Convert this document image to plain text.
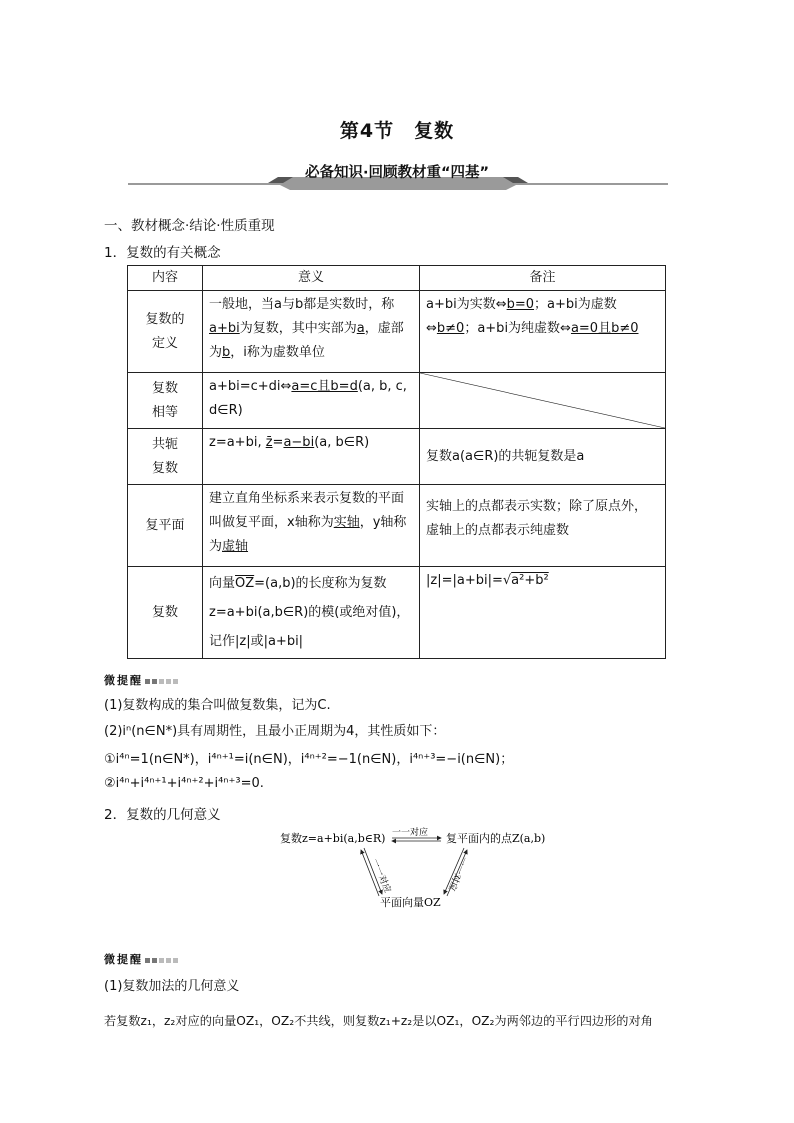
第4节　复数
必备知识·回顾教材重“四基”
一、教材概念·结论·性质重现
1．复数的有关概念
内容	意义	备注
复数的
定义	一般地，当a与b都是实数时，称a+bi为复数，其中实部为a，虚部为b，i称为虚数单位	a+bi为实数⇔b=0；a+bi为虚数⇔b≠0；a+bi为纯虚数⇔a=0且b≠0
复数
相等	a+bi=c+di⇔a=c且b=d(a, b, c, d∈R)	

共轭
复数	z=a+bi, z̄=a−bi(a, b∈R)	复数a(a∈R)的共轭复数是a
复平面	建立直角坐标系来表示复数的平面叫做复平面，x轴称为实轴，y轴称为虚轴	实轴上的点都表示实数；除了原点外，虚轴上的点都表示纯虚数
复数	向量$\overline{OZ}=(a,b)$的长度称为复数z=a+bi(a,b∈R)的模(或绝对值)，记作|z|或|a+bi|	|z|=|a+bi|=√a²+b²
微提醒
(1)复数构成的集合叫做复数集，记为C.
(2)iⁿ(n∈N*)具有周期性，且最小正周期为4，其性质如下：
①i⁴ⁿ=1(n∈N*)，i⁴ⁿ⁺¹=i(n∈N)，i⁴ⁿ⁺²=−1(n∈N)，i⁴ⁿ⁺³=−i(n∈N)；
②i⁴ⁿ+i⁴ⁿ⁺¹+i⁴ⁿ⁺²+i⁴ⁿ⁺³=0.
2．复数的几何意义
复数z=a+bi(a,b∈R)	复平面内的点Z(a,b)
平面向量OZ
一一对应
一一对应	一一对应
微提醒
(1)复数加法的几何意义
若复数z₁，z₂对应的向量OZ₁，OZ₂不共线，则复数z₁+z₂是以OZ₁，OZ₂为两邻边的平行四边形的对角
